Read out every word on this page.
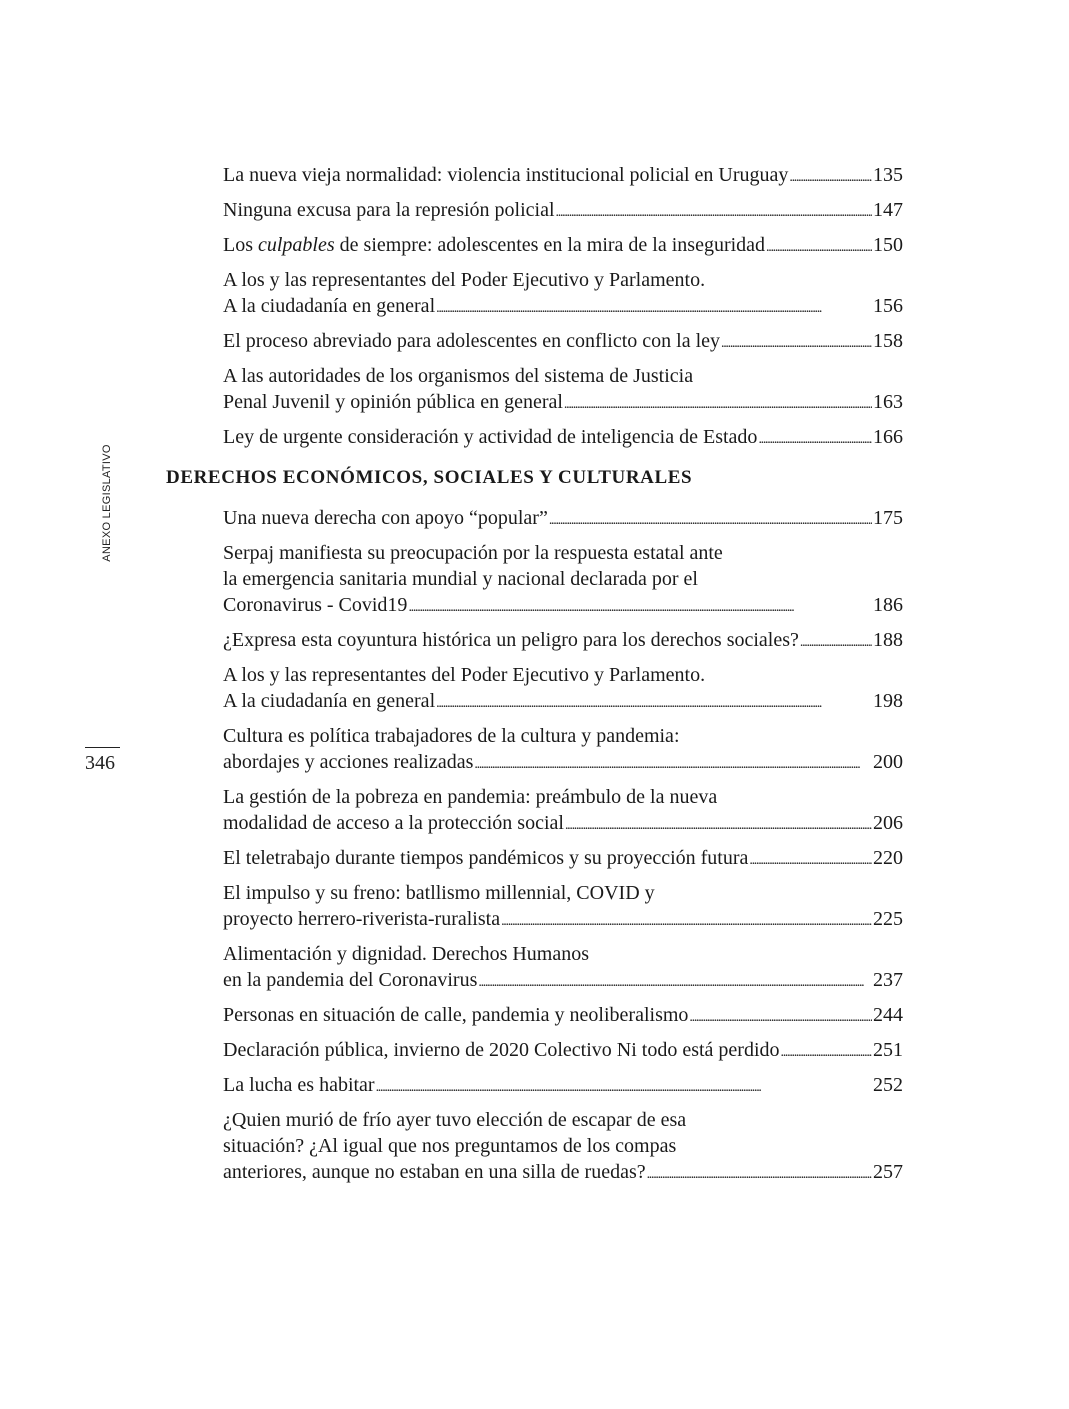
ANEXO LEGISLATIVO
346
La nueva vieja normalidad: violencia institucional policial en Uruguay . . .	135
Ninguna excusa para la represión policial . . .	147
Los culpables de siempre: adolescentes en la mira de la inseguridad . . .	150
A los y las representantes del Poder Ejecutivo y Parlamento.
A la ciudadanía en general . . .	156
El proceso abreviado para adolescentes en conflicto con la ley . . .	158
A las autoridades de los organismos del sistema de Justicia
Penal Juvenil y opinión pública en general . . .	163
Ley de urgente consideración y actividad de inteligencia de Estado . . .	166
DERECHOS ECONÓMICOS, SOCIALES Y CULTURALES
Una nueva derecha con apoyo “popular” . . .	175
Serpaj manifiesta su preocupación por la respuesta estatal ante
la emergencia sanitaria mundial y nacional declarada por el
Coronavirus - Covid19 . . .	186
¿Expresa esta coyuntura histórica un peligro para los derechos sociales? . . .	188
A los y las representantes del Poder Ejecutivo y Parlamento.
A la ciudadanía en general . . .	198
Cultura es política trabajadores de la cultura y pandemia:
abordajes y acciones realizadas . . .	200
La gestión de la pobreza en pandemia: preámbulo de la nueva
modalidad de acceso a la protección social . . .	206
El teletrabajo durante tiempos pandémicos y su proyección futura . . .	220
El impulso y su freno: batllismo millennial, COVID y
proyecto herrero-riverista-ruralista . . .	225
Alimentación y dignidad. Derechos Humanos
en la pandemia del Coronavirus . . .	237
Personas en situación de calle, pandemia y neoliberalismo . . .	244
Declaración pública, invierno de 2020 Colectivo Ni todo está perdido . . .	251
La lucha es habitar . . .	252
¿Quien murió de frío ayer tuvo elección de escapar de esa
situación? ¿Al igual que nos preguntamos de los compas
anteriores, aunque no estaban en una silla de ruedas? . . .	257
